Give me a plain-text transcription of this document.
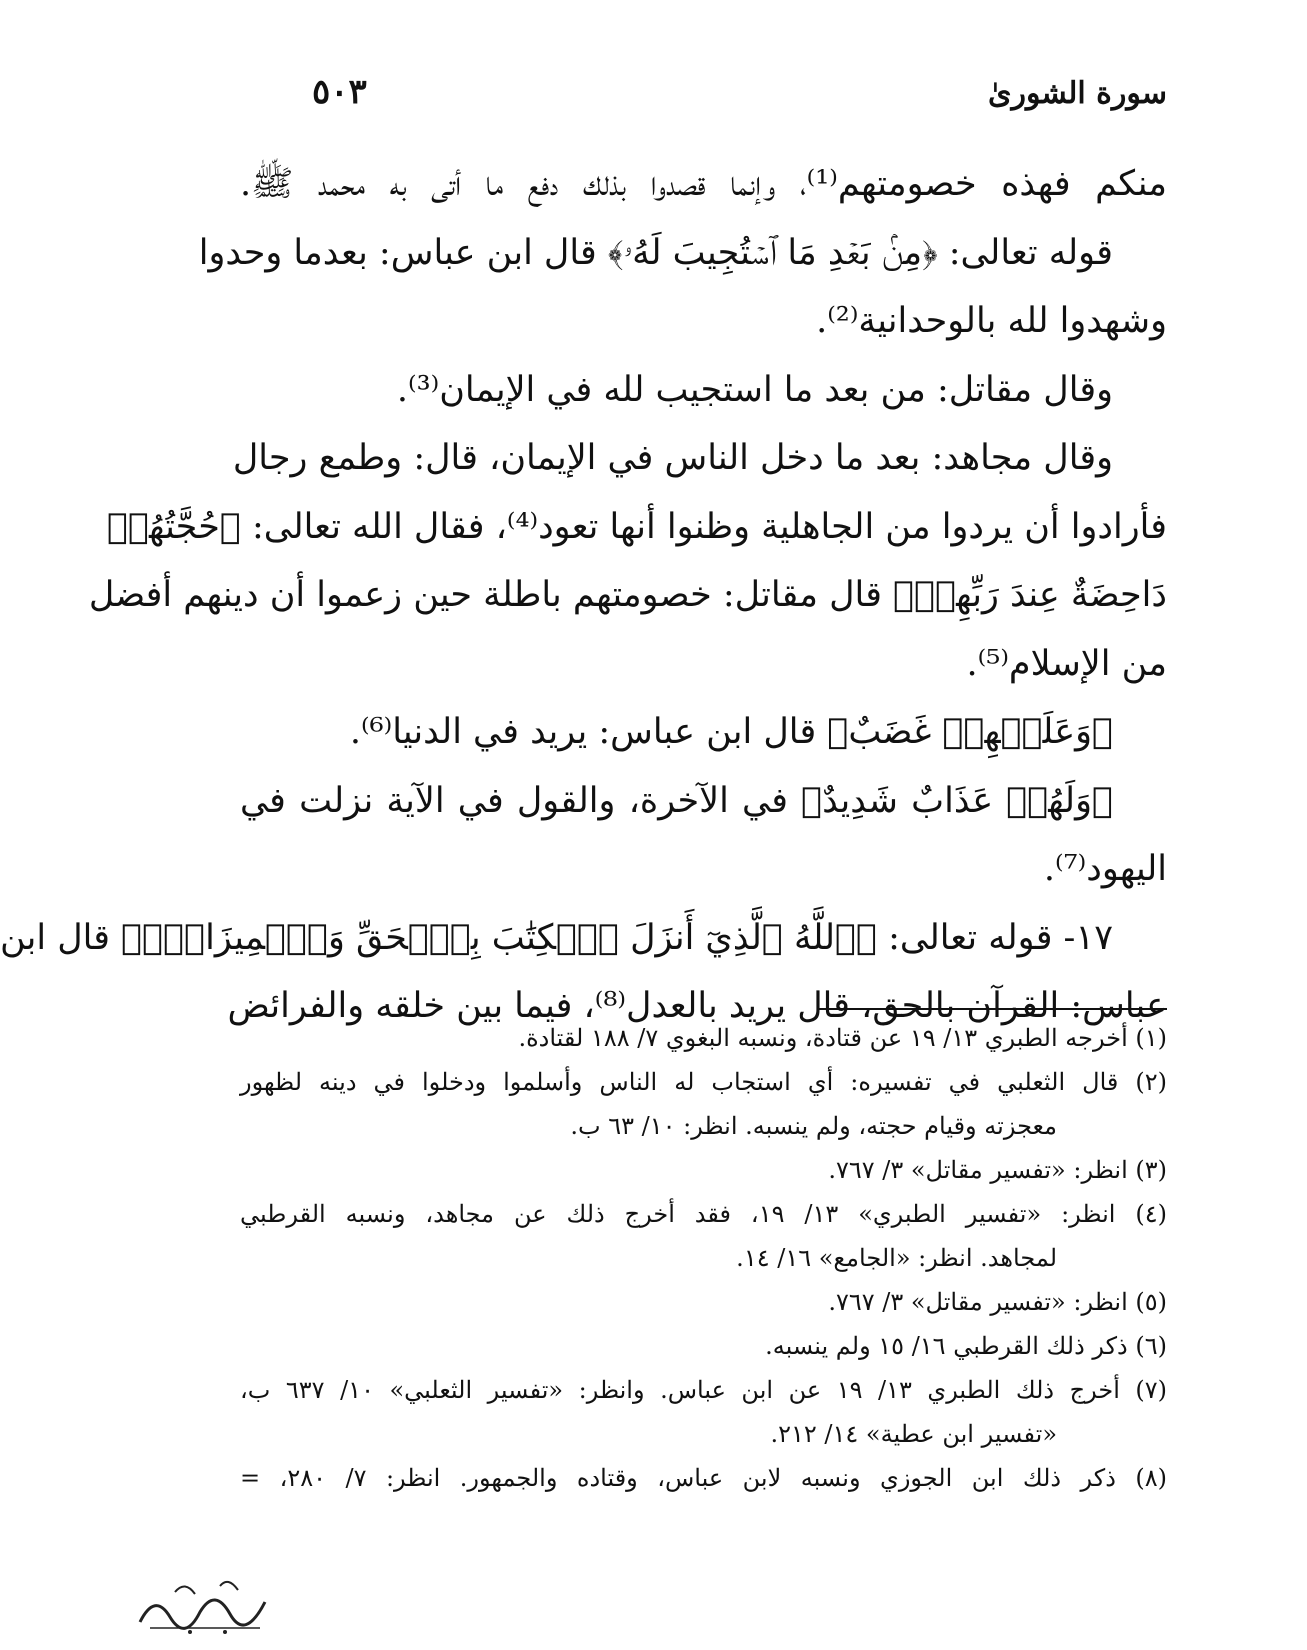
سورة الشورىٰ
٥٠٣
منكم فهذه خصومتهم⁽¹⁾، وإنما قصدوا بذلك دفع ما أتى به محمد ﷺ.
قوله تعالى: ﴿مِنۢ بَعۡدِ مَا ٱسۡتُجِيبَ لَهُۥ﴾ قال ابن عباس: بعدما وحدوا
وشهدوا لله بالوحدانية⁽²⁾.
وقال مقاتل: من بعد ما استجيب لله في الإيمان⁽³⁾.
وقال مجاهد: بعد ما دخل الناس في الإيمان، قال: وطمع رجال
فأرادوا أن يردوا من الجاهلية وظنوا أنها تعود⁽⁴⁾، فقال الله تعالى: ﴿حُجَّتُهُمۡ
دَاحِضَةٌ عِندَ رَبِّهِمۡ﴾ قال مقاتل: خصومتهم باطلة حين زعموا أن دينهم أفضل
من الإسلام⁽⁵⁾.
﴿وَعَلَيۡهِمۡ غَضَبٌ﴾ قال ابن عباس: يريد في الدنيا⁽⁶⁾.
﴿وَلَهُمۡ عَذَابٌ شَدِيدٌ﴾ في الآخرة، والقول في الآية نزلت في
اليهود⁽⁷⁾.
١٧- قوله تعالى: ﴿ٱللَّهُ ٱلَّذِيٓ أَنزَلَ ٱلۡكِتَٰبَ بِٱلۡحَقِّ وَٱلۡمِيزَانَۗ﴾ قال ابن
عباس: القرآن بالحق، قال يريد بالعدل⁽⁸⁾، فيما بين خلقه والفرائض
(١) أخرجه الطبري ١٣/ ١٩ عن قتادة، ونسبه البغوي ٧/ ١٨٨ لقتادة.
(٢) قال الثعلبي في تفسيره: أي استجاب له الناس وأسلموا ودخلوا في دينه لظهور
معجزته وقيام حجته، ولم ينسبه. انظر: ١٠/ ٦٣ ب.
(٣) انظر: «تفسير مقاتل» ٣/ ٧٦٧.
(٤) انظر: «تفسير الطبري» ١٣/ ١٩، فقد أخرج ذلك عن مجاهد، ونسبه القرطبي
لمجاهد. انظر: «الجامع» ١٦/ ١٤.
(٥) انظر: «تفسير مقاتل» ٣/ ٧٦٧.
(٦) ذكر ذلك القرطبي ١٦/ ١٥ ولم ينسبه.
(٧) أخرج ذلك الطبري ١٣/ ١٩ عن ابن عباس. وانظر: «تفسير الثعلبي» ١٠/ ٦٣٧ ب،
«تفسير ابن عطية» ١٤/ ٢١٢.
(٨) ذكر ذلك ابن الجوزي ونسبه لابن عباس، وقتاده والجمهور. انظر: ٧/ ٢٨٠، =
